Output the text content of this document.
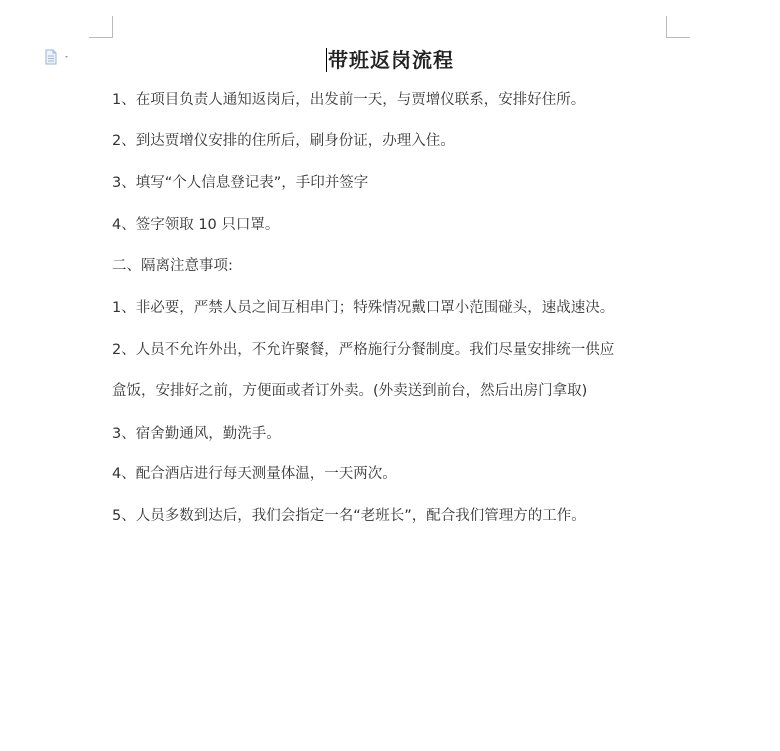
带班返岗流程
1、在项目负责人通知返岗后，出发前一天，与贾增仪联系，安排好住所。
2、到达贾增仪安排的住所后，刷身份证，办理入住。
3、填写“个人信息登记表”，手印并签字
4、签字领取 10 只口罩。
二、隔离注意事项:
1、非必要，严禁人员之间互相串门；特殊情况戴口罩小范围碰头，速战速决。
2、人员不允许外出，不允许聚餐，严格施行分餐制度。我们尽量安排统一供应
盒饭，安排好之前，方便面或者订外卖。(外卖送到前台，然后出房门拿取)
3、宿舍勤通风，勤洗手。
4、配合酒店进行每天测量体温，一天两次。
5、人员多数到达后，我们会指定一名“老班长”，配合我们管理方的工作。
